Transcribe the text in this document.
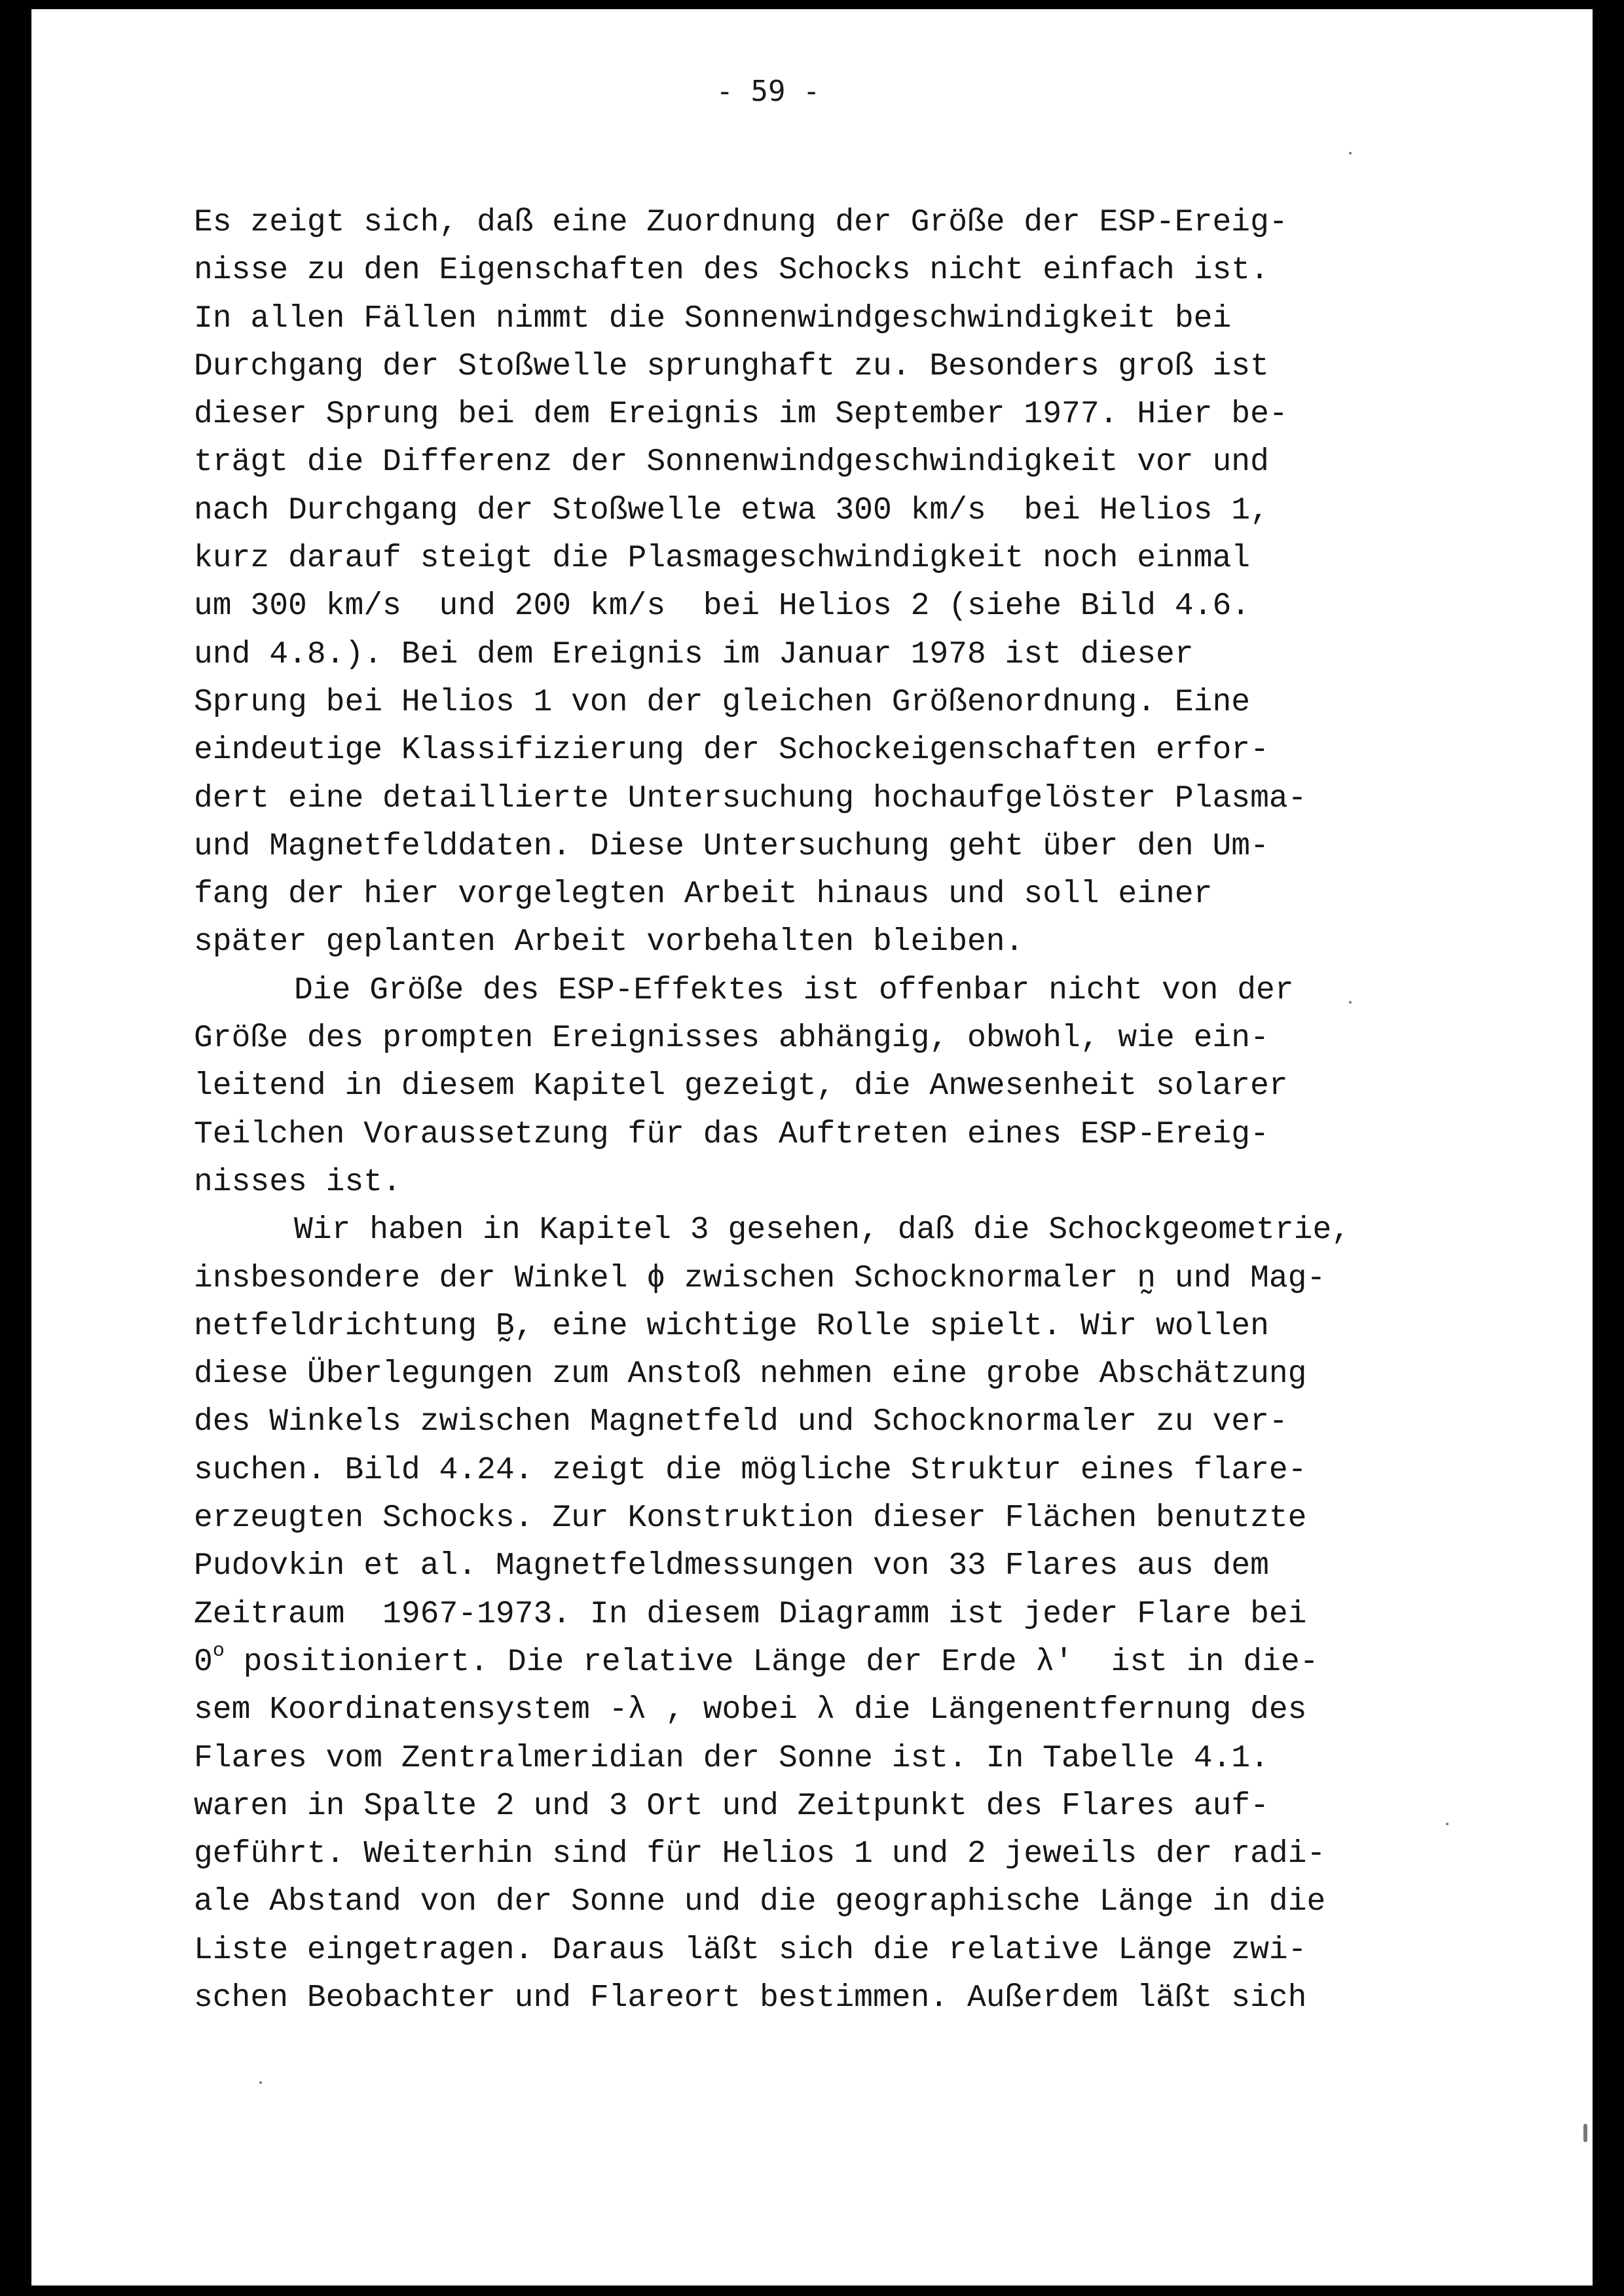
- 59 -
Es zeigt sich, daß eine Zuordnung der Größe der ESP-Ereig-
nisse zu den Eigenschaften des Schocks nicht einfach ist.
In allen Fällen nimmt die Sonnenwindgeschwindigkeit bei
Durchgang der Stoßwelle sprunghaft zu. Besonders groß ist
dieser Sprung bei dem Ereignis im September 1977. Hier be-
trägt die Differenz der Sonnenwindgeschwindigkeit vor und
nach Durchgang der Stoßwelle etwa 300 km/s  bei Helios 1,
kurz darauf steigt die Plasmageschwindigkeit noch einmal
um 300 km/s  und 200 km/s  bei Helios 2 (siehe Bild 4.6.
und 4.8.). Bei dem Ereignis im Januar 1978 ist dieser
Sprung bei Helios 1 von der gleichen Größenordnung. Eine
eindeutige Klassifizierung der Schockeigenschaften erfor-
dert eine detaillierte Untersuchung hochaufgelöster Plasma-
und Magnetfelddaten. Diese Untersuchung geht über den Um-
fang der hier vorgelegten Arbeit hinaus und soll einer
später geplanten Arbeit vorbehalten bleiben.
Die Größe des ESP-Effektes ist offenbar nicht von der
Größe des prompten Ereignisses abhängig, obwohl, wie ein-
leitend in diesem Kapitel gezeigt, die Anwesenheit solarer
Teilchen Voraussetzung für das Auftreten eines ESP-Ereig-
nisses ist.
Wir haben in Kapitel 3 gesehen, daß die Schockgeometrie,
insbesondere der Winkel ϕ zwischen Schocknormaler n̰ und Mag-
netfeldrichtung B̰, eine wichtige Rolle spielt. Wir wollen
diese Überlegungen zum Anstoß nehmen eine grobe Abschätzung
des Winkels zwischen Magnetfeld und Schocknormaler zu ver-
suchen. Bild 4.24. zeigt die mögliche Struktur eines flare-
erzeugten Schocks. Zur Konstruktion dieser Flächen benutzte
Pudovkin et al. Magnetfeldmessungen von 33 Flares aus dem
Zeitraum  1967-1973. In diesem Diagramm ist jeder Flare bei
0$^o$ positioniert. Die relative Länge der Erde λ'  ist in die-
sem Koordinatensystem -λ , wobei λ die Längenentfernung des
Flares vom Zentralmeridian der Sonne ist. In Tabelle 4.1.
waren in Spalte 2 und 3 Ort und Zeitpunkt des Flares auf-
geführt. Weiterhin sind für Helios 1 und 2 jeweils der radi-
ale Abstand von der Sonne und die geographische Länge in die
Liste eingetragen. Daraus läßt sich die relative Länge zwi-
schen Beobachter und Flareort bestimmen. Außerdem läßt sich
